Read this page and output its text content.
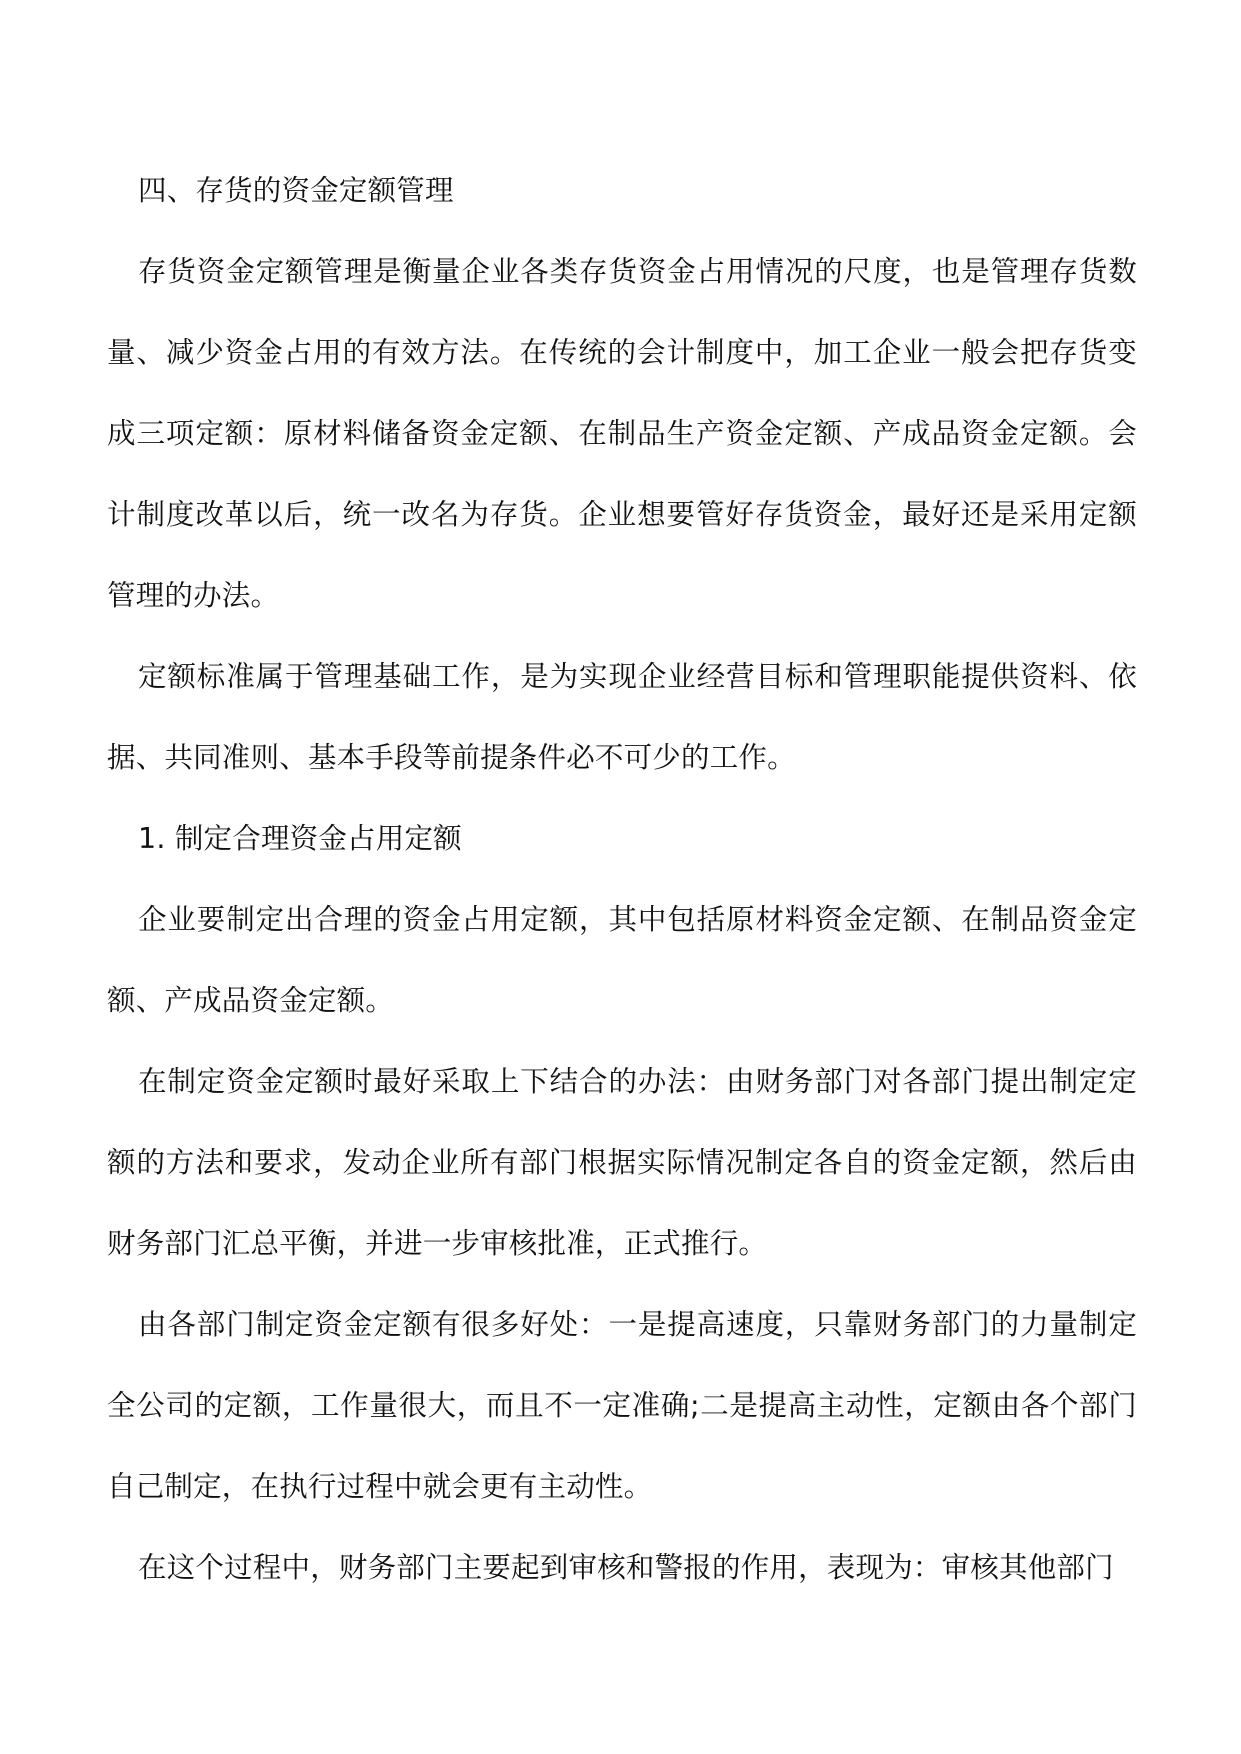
四、存货的资金定额管理

存货资金定额管理是衡量企业各类存货资金占用情况的尺度，也是管理存货数量、减少资金占用的有效方法。在传统的会计制度中，加工企业一般会把存货变成三项定额：原材料储备资金定额、在制品生产资金定额、产成品资金定额。会计制度改革以后，统一改名为存货。企业想要管好存货资金，最好还是采用定额管理的办法。

定额标准属于管理基础工作，是为实现企业经营目标和管理职能提供资料、依据、共同准则、基本手段等前提条件必不可少的工作。

1. 制定合理资金占用定额

企业要制定出合理的资金占用定额，其中包括原材料资金定额、在制品资金定额、产成品资金定额。

在制定资金定额时最好采取上下结合的办法：由财务部门对各部门提出制定定额的方法和要求，发动企业所有部门根据实际情况制定各自的资金定额，然后由财务部门汇总平衡，并进一步审核批准，正式推行。

由各部门制定资金定额有很多好处：一是提高速度，只靠财务部门的力量制定全公司的定额，工作量很大，而且不一定准确;二是提高主动性，定额由各个部门自己制定，在执行过程中就会更有主动性。

在这个过程中，财务部门主要起到审核和警报的作用，表现为：审核其他部门
